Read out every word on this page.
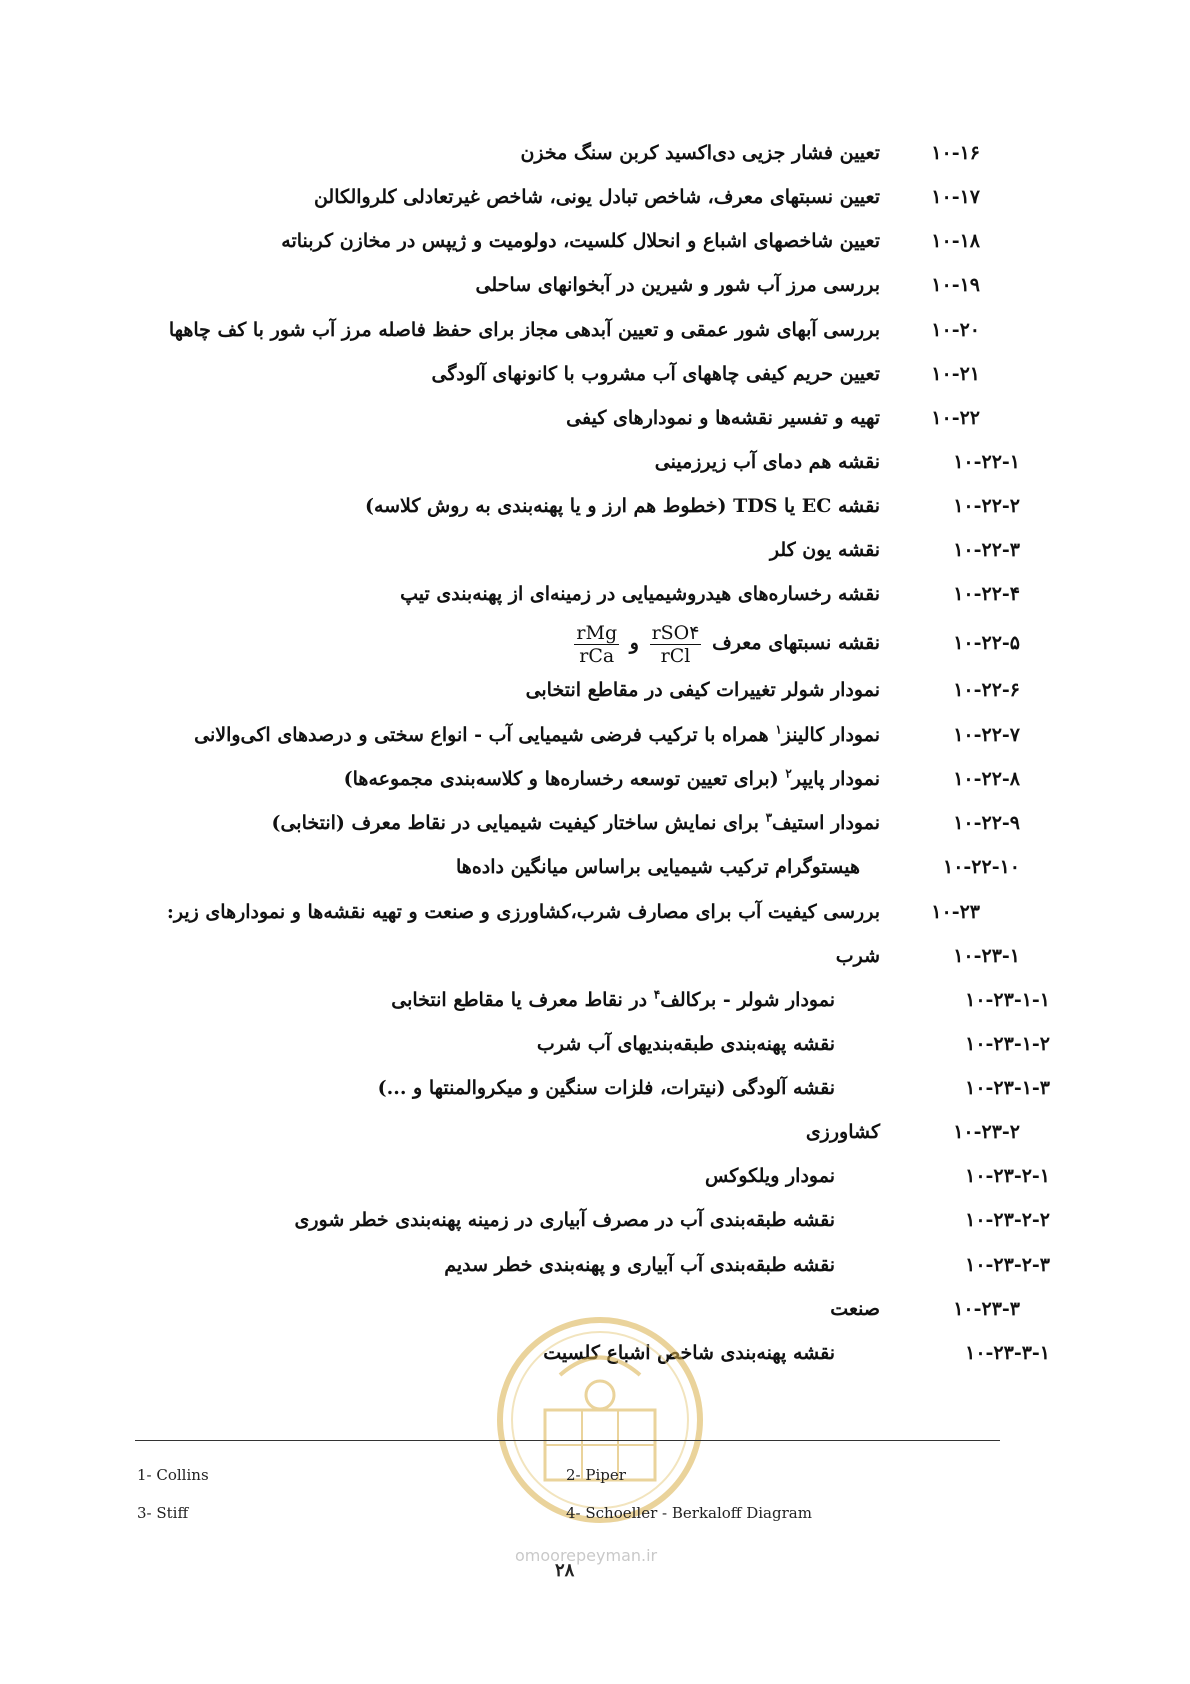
۱۰-۱۶
تعیین فشار جزیی دی‌اکسید کربن سنگ مخزن
۱۰-۱۷
تعیین نسبتهای معرف، شاخص تبادل یونی، شاخص غیرتعادلی کلروالکالن
۱۰-۱۸
تعیین شاخصهای اشباع و انحلال کلسیت، دولومیت و ژیپس در مخازن کربناته
۱۰-۱۹
بررسی مرز آب شور و شیرین در آبخوانهای ساحلی
۱۰-۲۰
بررسی آبهای شور عمقی و تعیین آبدهی مجاز برای حفظ فاصله مرز آب شور با کف چاهها
۱۰-۲۱
تعیین حریم کیفی چاههای آب مشروب با کانونهای آلودگی
۱۰-۲۲
تهیه و تفسیر نقشه‌ها و نمودارهای کیفی
۱۰-۲۲-۱
نقشه هم دمای آب زیرزمینی
۱۰-۲۲-۲
نقشه EC یا TDS (خطوط هم ارز و یا پهنه‌بندی به روش کلاسه)
۱۰-۲۲-۳
نقشه یون کلر
۱۰-۲۲-۴
نقشه رخساره‌های هیدروشیمیایی در زمینه‌ای از پهنه‌بندی تیپ
۱۰-۲۲-۵
نقشه نسبتهای معرف
$\frac{\text{rSO۴}}{\text{rCl}}$
و
$\frac{\text{rMg}}{\text{rCa}}$
۱۰-۲۲-۶
نمودار شولر تغییرات کیفی در مقاطع انتخابی
۱۰-۲۲-۷
نمودار کالینز$^۱$ همراه با ترکیب فرضی شیمیایی آب - انواع سختی و درصدهای اکی‌والانی
۱۰-۲۲-۸
نمودار پایپر$^۲$ (برای تعیین توسعه رخساره‌ها و کلاسه‌بندی مجموعه‌ها)
۱۰-۲۲-۹
نمودار استیف$^۳$ برای نمایش ساختار کیفیت شیمیایی در نقاط معرف (انتخابی)
۱۰-۲۲-۱۰
هیستوگرام ترکیب شیمیایی براساس میانگین داده‌ها
۱۰-۲۳
بررسی کیفیت آب برای مصارف شرب،کشاورزی و صنعت و تهیه نقشه‌ها و نمودارهای زیر:
۱۰-۲۳-۱
شرب
۱۰-۲۳-۱-۱
نمودار شولر - برکالف$^۴$ در نقاط معرف یا مقاطع انتخابی
۱۰-۲۳-۱-۲
نقشه پهنه‌بندی طبقه‌بندیهای آب شرب
۱۰-۲۳-۱-۳
نقشه آلودگی (نیترات، فلزات سنگین و میکروالمنتها و ...)
۱۰-۲۳-۲
کشاورزی
۱۰-۲۳-۲-۱
نمودار ویلکوکس
۱۰-۲۳-۲-۲
نقشه طبقه‌بندی آب در مصرف آبیاری در زمینه پهنه‌بندی خطر شوری
۱۰-۲۳-۲-۳
نقشه طبقه‌بندی آب آبیاری و پهنه‌بندی خطر سدیم
۱۰-۲۳-۳
صنعت
۱۰-۲۳-۳-۱
نقشه پهنه‌بندی شاخص اشباع کلسیت
1- Collins	2- Piper
3- Stiff	4- Schoeller - Berkaloff Diagram
omoorepeyman.ir
۲۸
